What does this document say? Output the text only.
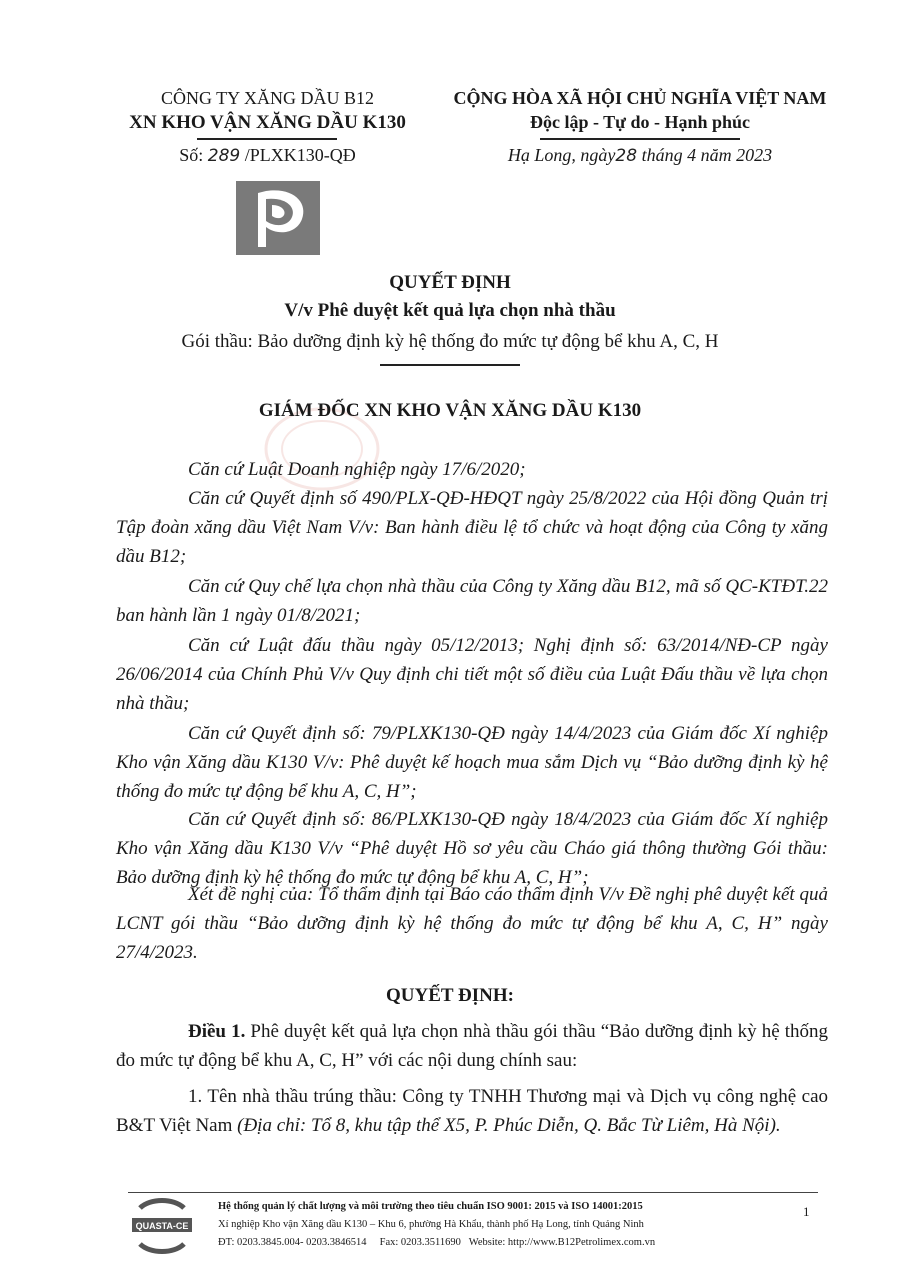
CÔNG TY XĂNG DẦU B12
XN KHO VẬN XĂNG DẦU K130
Số: 289 /PLXK130-QĐ
CỘNG HÒA XÃ HỘI CHỦ NGHĨA VIỆT NAM
Độc lập - Tự do - Hạnh phúc
Hạ Long, ngày28 tháng 4 năm 2023
QUYẾT ĐỊNH
V/v Phê duyệt kết quả lựa chọn nhà thầu
Gói thầu: Bảo dưỡng định kỳ hệ thống đo mức tự động bể khu A, C, H
GIÁM ĐỐC XN KHO VẬN XĂNG DẦU K130
Căn cứ Luật Doanh nghiệp ngày 17/6/2020;
Căn cứ Quyết định số 490/PLX-QĐ-HĐQT ngày 25/8/2022 của Hội đồng Quản trị Tập đoàn xăng dầu Việt Nam V/v: Ban hành điều lệ tổ chức và hoạt động của Công ty xăng dầu B12;
Căn cứ Quy chế lựa chọn nhà thầu của Công ty Xăng dầu B12, mã số QC-KTĐT.22 ban hành lần 1 ngày 01/8/2021;
Căn cứ Luật đấu thầu ngày 05/12/2013; Nghị định số: 63/2014/NĐ-CP ngày 26/06/2014 của Chính Phủ V/v Quy định chi tiết một số điều của Luật Đấu thầu về lựa chọn nhà thầu;
Căn cứ Quyết định số: 79/PLXK130-QĐ ngày 14/4/2023 của Giám đốc Xí nghiệp Kho vận Xăng dầu K130 V/v: Phê duyệt kế hoạch mua sắm Dịch vụ “Bảo dưỡng định kỳ hệ thống đo mức tự động bể khu A, C, H”;
Căn cứ Quyết định số: 86/PLXK130-QĐ ngày 18/4/2023 của Giám đốc Xí nghiệp Kho vận Xăng dầu K130 V/v “Phê duyệt Hồ sơ yêu cầu Cháo giá thông thường Gói thầu: Bảo dưỡng định kỳ hệ thống đo mức tự động bể khu A, C, H”;
Xét đề nghị của: Tổ thẩm định tại Báo cáo thẩm định V/v Đề nghị phê duyệt kết quả LCNT gói thầu “Bảo dưỡng định kỳ hệ thống đo mức tự động bể khu A, C, H” ngày 27/4/2023.
QUYẾT ĐỊNH:
Điều 1. Phê duyệt kết quả lựa chọn nhà thầu gói thầu “Bảo dưỡng định kỳ hệ thống đo mức tự động bể khu A, C, H” với các nội dung chính sau:
1. Tên nhà thầu trúng thầu: Công ty TNHH Thương mại và Dịch vụ công nghệ cao B&T Việt Nam (Địa chỉ: Tổ 8, khu tập thể X5, P. Phúc Diễn, Q. Bắc Từ Liêm, Hà Nội).
QUASTA-CE
Hệ thống quản lý chất lượng và môi trường theo tiêu chuẩn ISO 9001: 2015 và ISO 14001:2015
Xí nghiệp Kho vận Xăng dầu K130 – Khu 6, phường Hà Khẩu, thành phố Hạ Long, tỉnh Quảng Ninh
ĐT: 0203.3845.004- 0203.3846514 Fax: 0203.3511690 Website: http://www.B12Petrolimex.com.vn
1
